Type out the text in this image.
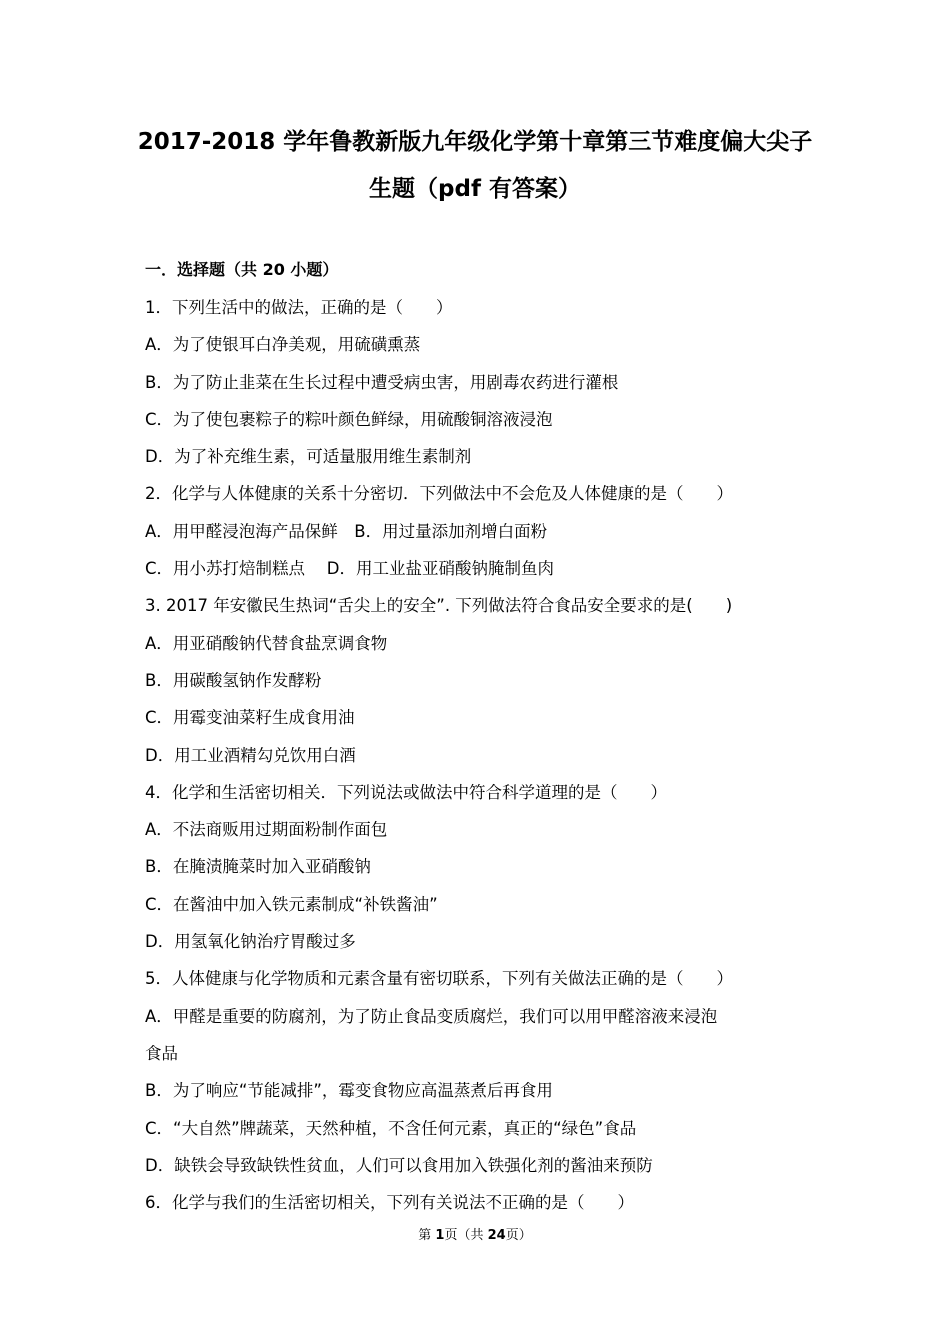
2017-2018 学年鲁教新版九年级化学第十章第三节难度偏大尖子
生题（pdf 有答案）
一．选择题（共 20 小题）
1．下列生活中的做法，正确的是（　　）
A．为了使银耳白净美观，用硫磺熏蒸
B．为了防止韭菜在生长过程中遭受病虫害，用剧毒农药进行灌根
C．为了使包裹粽子的粽叶颜色鲜绿，用硫酸铜溶液浸泡
D．为了补充维生素，可适量服用维生素制剂
2．化学与人体健康的关系十分密切．下列做法中不会危及人体健康的是（　　）
A．用甲醛浸泡海产品保鲜　B．用过量添加剂增白面粉
C．用小苏打焙制糕点　 D．用工业盐亚硝酸钠腌制鱼肉
3. 2017 年安徽民生热词“舌尖上的安全”. 下列做法符合食品安全要求的是(　　)
A．用亚硝酸钠代替食盐烹调食物
B．用碳酸氢钠作发酵粉
C．用霉变油菜籽生成食用油
D．用工业酒精勾兑饮用白酒
4．化学和生活密切相关．下列说法或做法中符合科学道理的是（　　）
A．不法商贩用过期面粉制作面包
B．在腌渍腌菜时加入亚硝酸钠
C．在酱油中加入铁元素制成“补铁酱油”
D．用氢氧化钠治疗胃酸过多
5．人体健康与化学物质和元素含量有密切联系，下列有关做法正确的是（　　）
A．甲醛是重要的防腐剂，为了防止食品变质腐烂，我们可以用甲醛溶液来浸泡
食品
B．为了响应“节能减排”，霉变食物应高温蒸煮后再食用
C．“大自然”牌蔬菜，天然种植，不含任何元素，真正的“绿色”食品
D．缺铁会导致缺铁性贫血，人们可以食用加入铁强化剂的酱油来预防
6．化学与我们的生活密切相关，下列有关说法不正确的是（　　）
第 1页（共 24页）
